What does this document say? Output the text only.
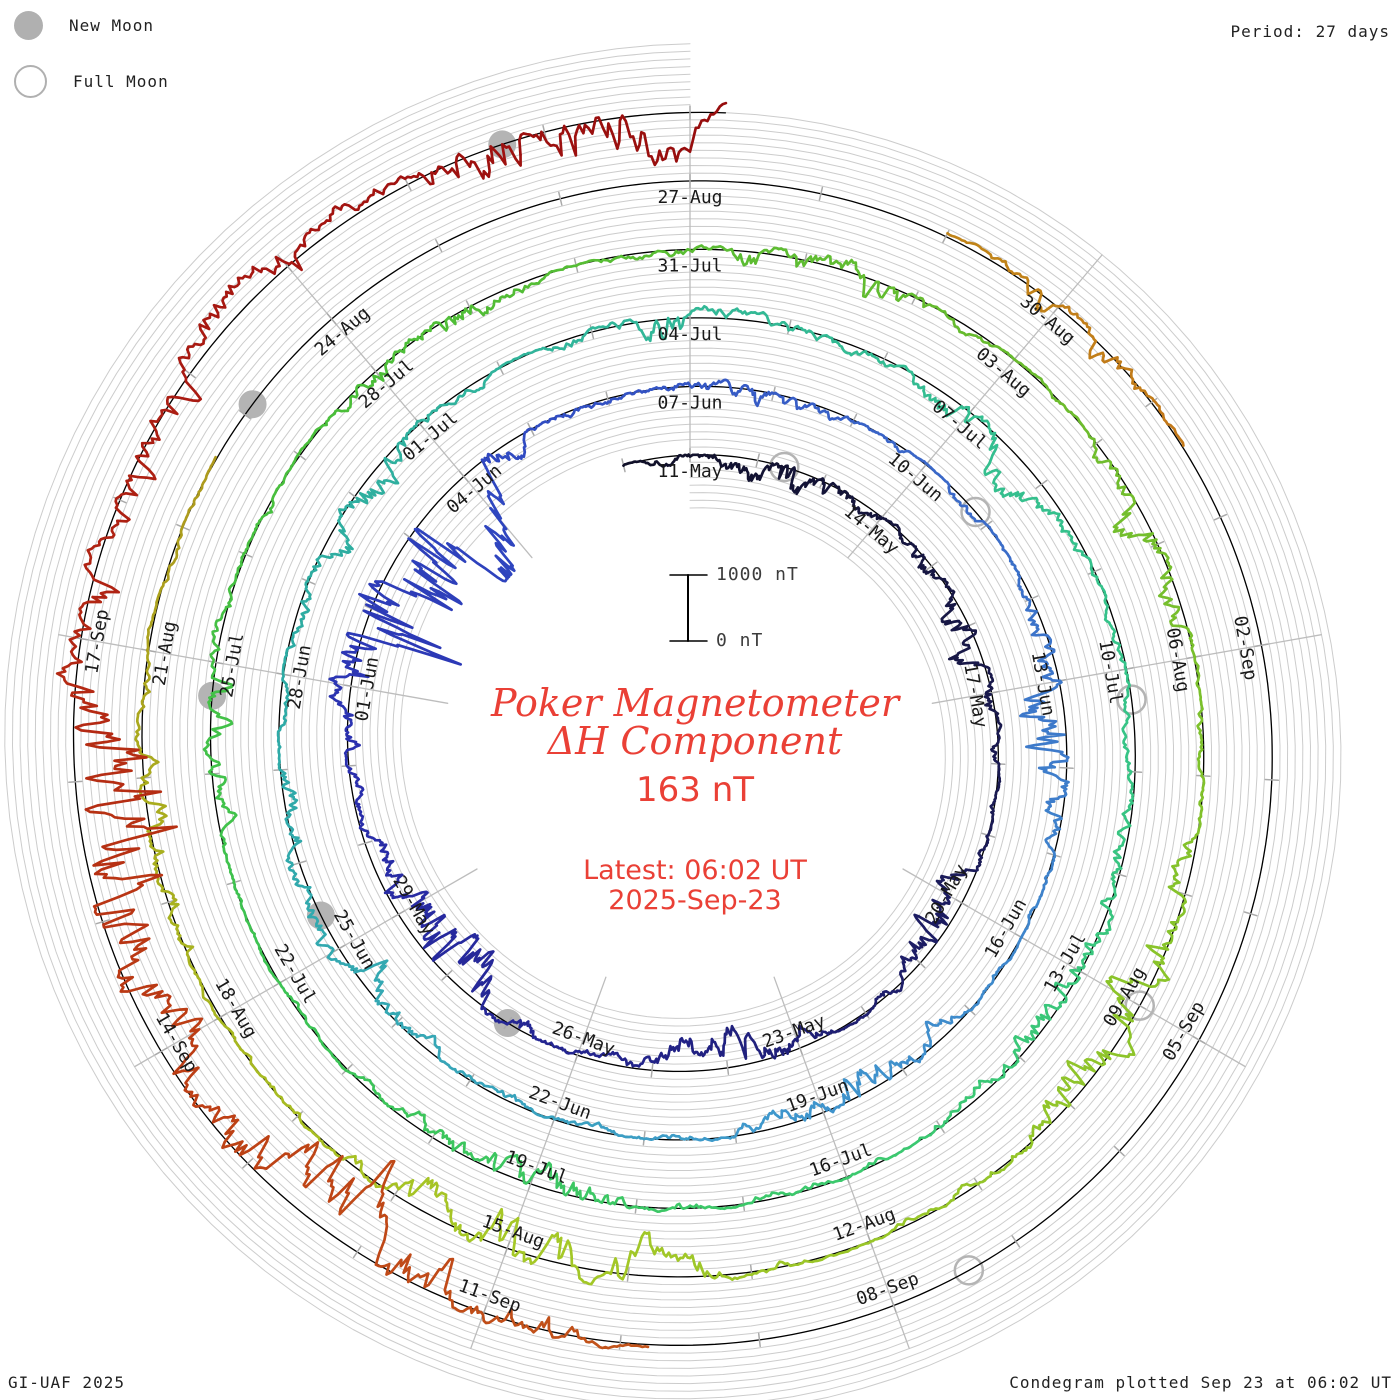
11-May
07-Jun
04-Jul
31-Jul
27-Aug
14-May
10-Jun
07-Jul
03-Aug
30-Aug
17-May 13-Jun 10-Jul 06-Aug 02-Sep
20-May
16-Jun
13-Jul
09-Aug
05-Sep
23-May
19-Jun
16-Jul
12-Aug
08-Sep
26-May
22-Jun
19-Jul
15-Aug
11-Sep
29-May
25-Jun
22-Jul
18-Aug
14-Sep
01-Jun
28-Jun
25-Jul
21-Aug
17-Sep
04-Jun
01-Jul
28-Jul
24-Aug
New Moon
Full Moon
Period: 27 days
1000 nT
0 nT
Poker Magnetometer
ΔH Component
163 nT
Latest: 06:02 UT
2025-Sep-23
GI-UAF 2025	Condegram plotted Sep 23 at 06:02 UT
